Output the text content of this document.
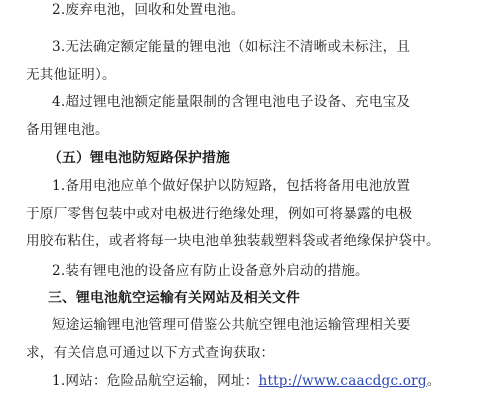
2.废弃电池，回收和处置电池。
3.无法确定额定能量的锂电池（如标注不清晰或未标注，且
无其他证明）。
4.超过锂电池额定能量限制的含锂电池电子设备、充电宝及
备用锂电池。
（五）锂电池防短路保护措施
1.备用电池应单个做好保护以防短路，包括将备用电池放置
于原厂零售包装中或对电极进行绝缘处理，例如可将暴露的电极
用胶布粘住，或者将每一块电池单独装载塑料袋或者绝缘保护袋中。
2.装有锂电池的设备应有防止设备意外启动的措施。
三、锂电池航空运输有关网站及相关文件
短途运输锂电池管理可借鉴公共航空锂电池运输管理相关要
求，有关信息可通过以下方式查询获取：
1.网站：危险品航空运输，网址：http://www.caacdgc.org。
